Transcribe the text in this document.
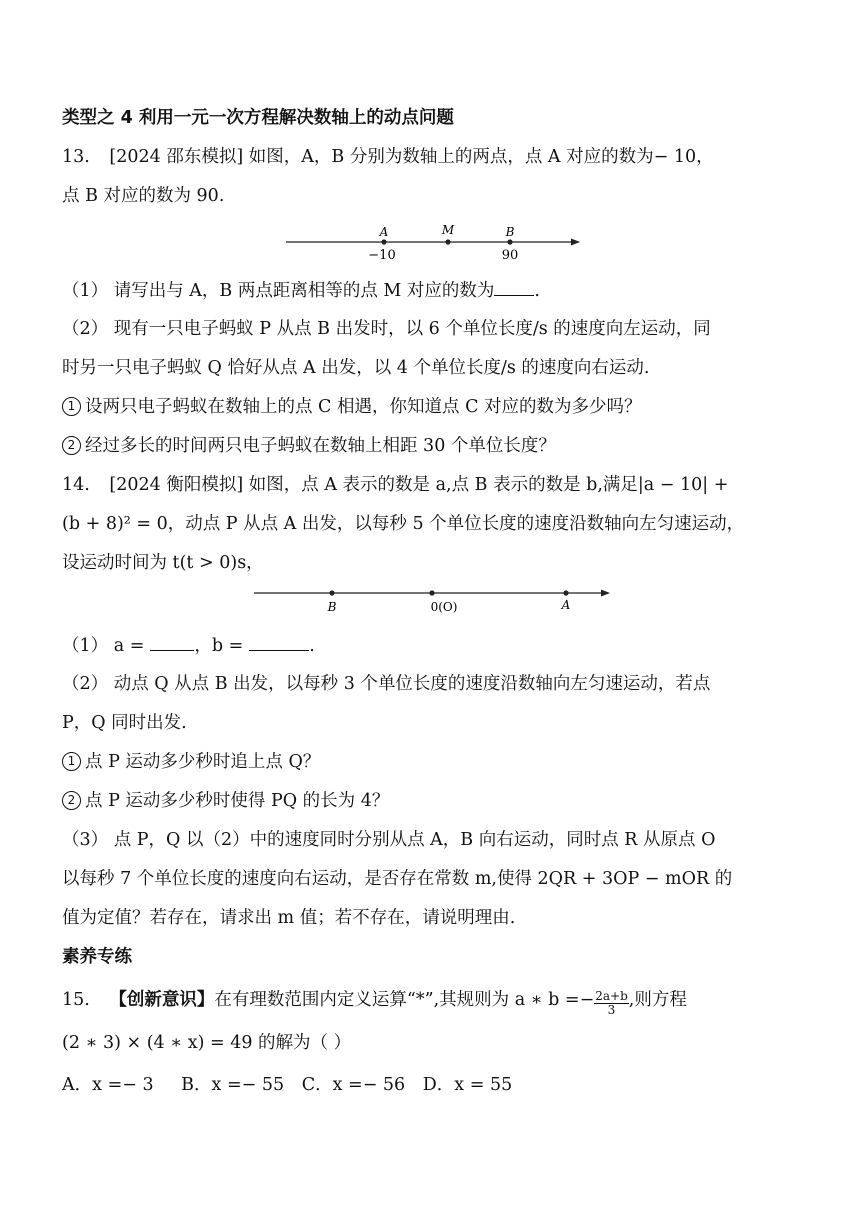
类型之 4 利用一元一次方程解决数轴上的动点问题
13. [2024 邵东模拟] 如图，A，B 分别为数轴上的两点，点 A 对应的数为− 10，
点 B 对应的数为 90.
A	M	B
−10	90
（1） 请写出与 A，B 两点距离相等的点 M 对应的数为 .
（2） 现有一只电子蚂蚁 P 从点 B 出发时，以 6 个单位长度/s 的速度向左运动，同
时另一只电子蚂蚁 Q 恰好从点 A 出发，以 4 个单位长度/s 的速度向右运动.
1 设两只电子蚂蚁在数轴上的点 C 相遇，你知道点 C 对应的数为多少吗？
2 经过多长的时间两只电子蚂蚁在数轴上相距 30 个单位长度？
14. [2024 衡阳模拟] 如图，点 A 表示的数是 a,点 B 表示的数是 b,满足|a − 10| +
(b + 8)² = 0，动点 P 从点 A 出发，以每秒 5 个单位长度的速度沿数轴向左匀速运动，
设运动时间为 t(t > 0)s，
B	0(O)	A
（1） a =	，b =	.
（2） 动点 Q 从点 B 出发，以每秒 3 个单位长度的速度沿数轴向左匀速运动，若点
P，Q 同时出发.
1 点 P 运动多少秒时追上点 Q？
2 点 P 运动多少秒时使得 PQ 的长为 4？
（3） 点 P，Q 以（2）中的速度同时分别从点 A，B 向右运动，同时点 R 从原点 O
以每秒 7 个单位长度的速度向右运动，是否存在常数 m,使得 2QR + 3OP − mOR 的
值为定值？若存在，请求出 m 值；若不存在，请说明理由.
素养专练
15. 【创新意识】在有理数范围内定义运算“*”,其规则为 a ∗ $b =- \frac{2a+b}{3}$ ,则方程
(2 ∗ 3) × (4 ∗ x) = 49 的解为（ ）
A．x =− 3 B．x =− 55 C．x =− 56 D．x = 55
